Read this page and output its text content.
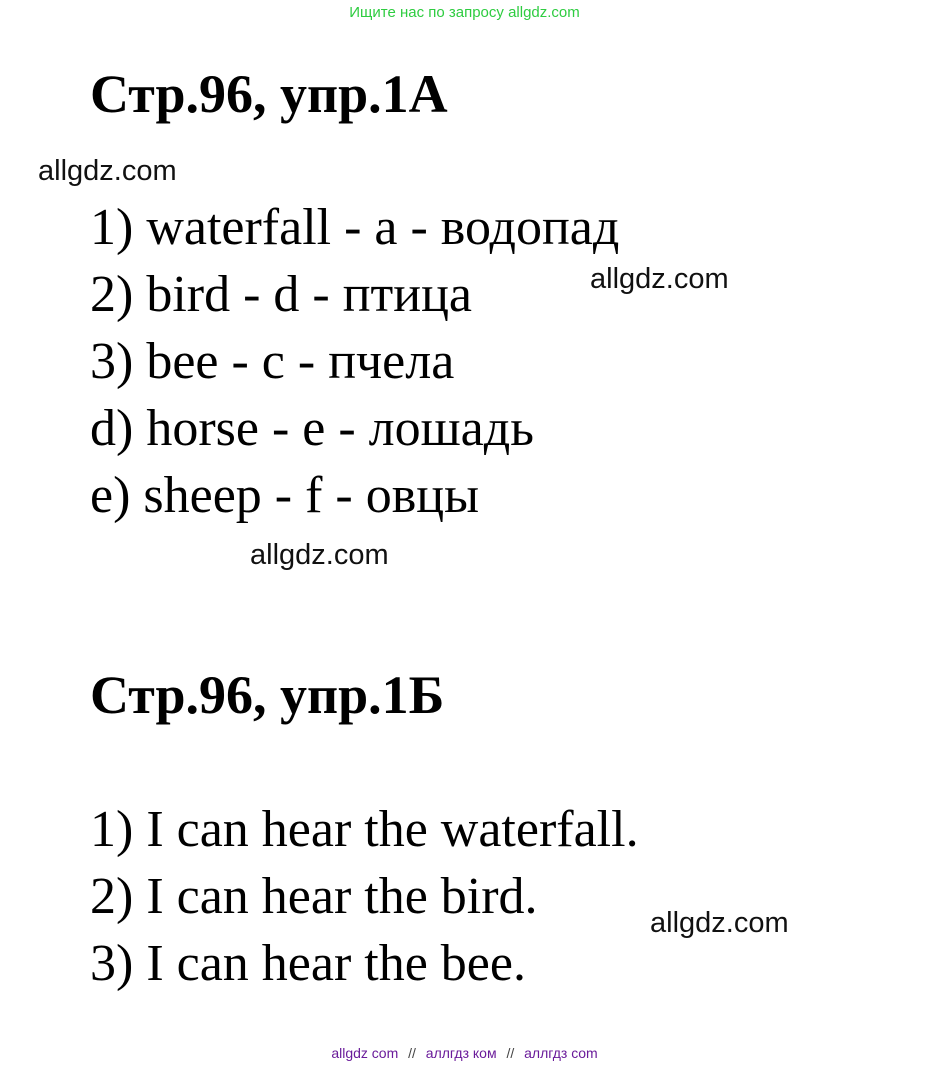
Ищите нас по запросу allgdz.com
Стр.96, упр.1А
allgdz.com
1) waterfall - a - водопад
2) bird - d - птица
3) bee - c - пчела
d) horse - e - лошадь
e) sheep - f - овцы
allgdz.com
allgdz.com
Стр.96, упр.1Б
1) I can hear the waterfall.
2) I can hear the bird.
3) I can hear the bee.
allgdz.com
allgdz com // аллгдз ком // аллгдз com
